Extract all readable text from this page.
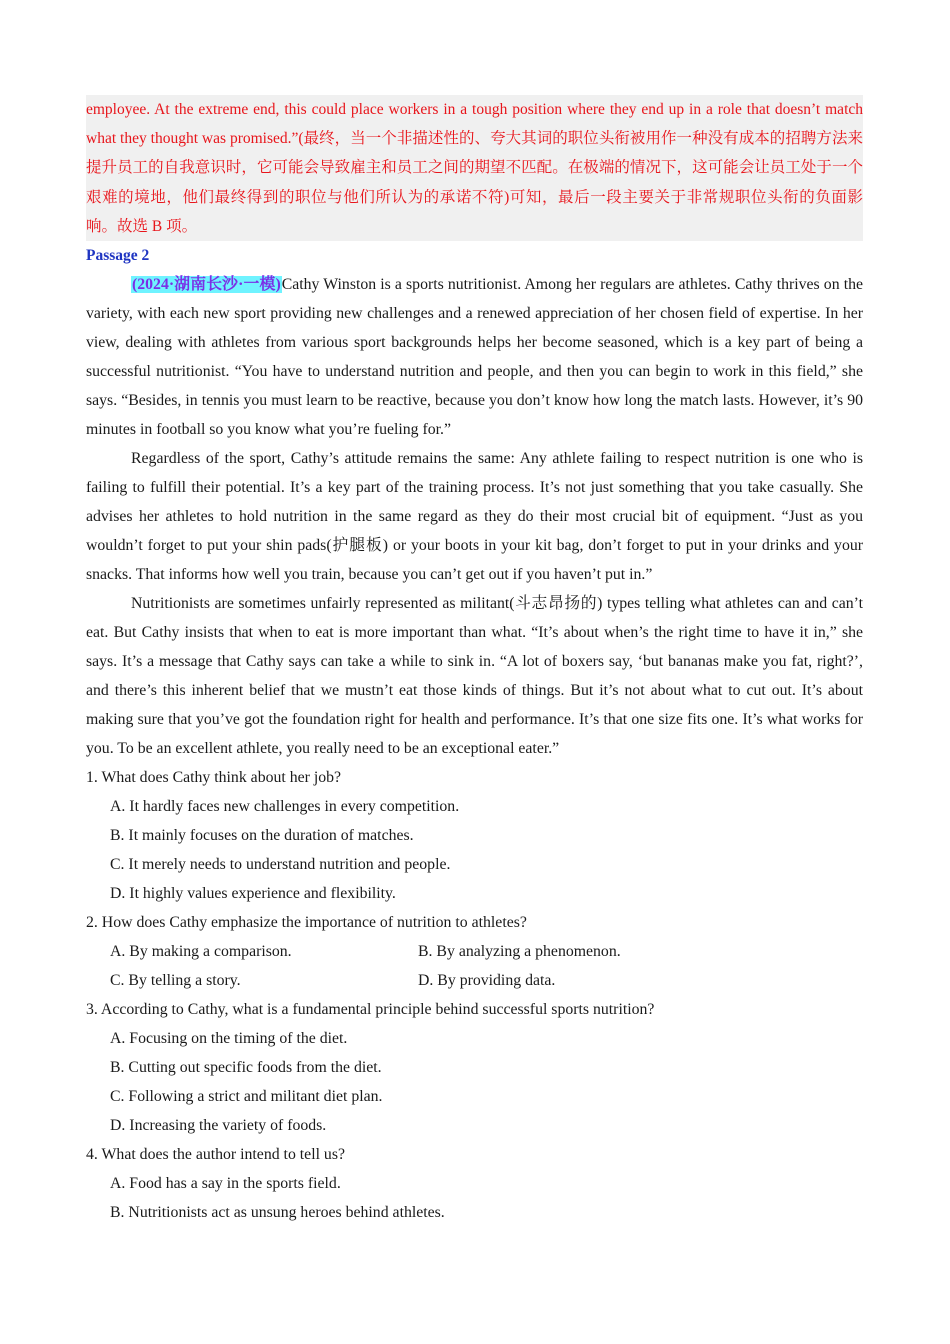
employee. At the extreme end, this could place workers in a tough position where they end up in a role that doesn’t match what they thought was promised.”(最终，当一个非描述性的、夸大其词的职位头衔被用作一种没有成本的招聘方法来提升员工的自我意识时，它可能会导致雇主和员工之间的期望不匹配。在极端的情况下，这可能会让员工处于一个艰难的境地，他们最终得到的职位与他们所认为的承诺不符)可知，最后一段主要关于非常规职位头衔的负面影响。故选 B 项。
Passage 2

(2024·湖南长沙·一模)Cathy Winston is a sports nutritionist. Among her regulars are athletes. Cathy thrives on the variety, with each new sport providing new challenges and a renewed appreciation of her chosen field of expertise. In her view, dealing with athletes from various sport backgrounds helps her become seasoned, which is a key part of being a successful nutritionist. “You have to understand nutrition and people, and then you can begin to work in this field,” she says. “Besides, in tennis you must learn to be reactive, because you don’t know how long the match lasts. However, it’s 90 minutes in football so you know what you’re fueling for.”

Regardless of the sport, Cathy’s attitude remains the same: Any athlete failing to respect nutrition is one who is failing to fulfill their potential. It’s a key part of the training process. It’s not just something that you take casually. She advises her athletes to hold nutrition in the same regard as they do their most crucial bit of equipment. “Just as you wouldn’t forget to put your shin pads(护腿板) or your boots in your kit bag, don’t forget to put in your drinks and your snacks. That informs how well you train, because you can’t get out if you haven’t put in.”

Nutritionists are sometimes unfairly represented as militant(斗志昂扬的) types telling what athletes can and can’t eat. But Cathy insists that when to eat is more important than what. “It’s about when’s the right time to have it in,” she says. It’s a message that Cathy says can take a while to sink in. “A lot of boxers say, ‘but bananas make you fat, right?’, and there’s this inherent belief that we mustn’t eat those kinds of things. But it’s not about what to cut out. It’s about making sure that you’ve got the foundation right for health and performance. It’s that one size fits one. It’s what works for you. To be an excellent athlete, you really need to be an exceptional eater.”

1. What does Cathy think about her job?
A. It hardly faces new challenges in every competition.
B. It mainly focuses on the duration of matches.
C. It merely needs to understand nutrition and people.
D. It highly values experience and flexibility.
2. How does Cathy emphasize the importance of nutrition to athletes?
A. By making a comparison.	B. By analyzing a phenomenon.
C. By telling a story.	D. By providing data.
3. According to Cathy, what is a fundamental principle behind successful sports nutrition?
A. Focusing on the timing of the diet.
B. Cutting out specific foods from the diet.
C. Following a strict and militant diet plan.
D. Increasing the variety of foods.
4. What does the author intend to tell us?
A. Food has a say in the sports field.
B. Nutritionists act as unsung heroes behind athletes.
